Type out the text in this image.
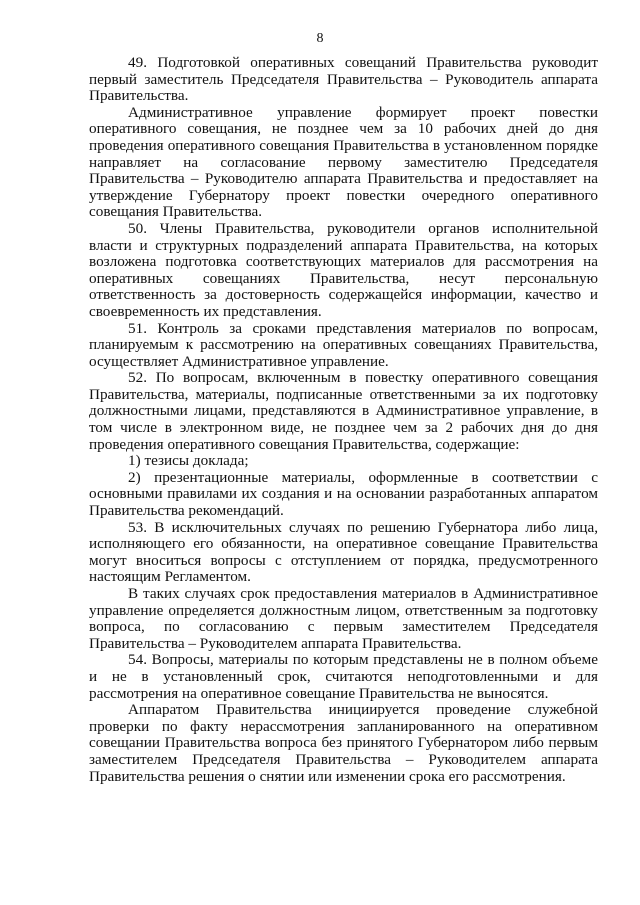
8

49. Подготовкой оперативных совещаний Правительства руководит первый заместитель Председателя Правительства – Руководитель аппарата Правительства.

Административное управление формирует проект повестки оперативного совещания, не позднее чем за 10 рабочих дней до дня проведения оперативного совещания Правительства в установленном порядке направляет на согласование первому заместителю Председателя Правительства – Руководителю аппарата Правительства и предоставляет на утверждение Губернатору проект повестки очередного оперативного совещания Правительства.

50. Члены Правительства, руководители органов исполнительной власти и структурных подразделений аппарата Правительства, на которых возложена подготовка соответствующих материалов для рассмотрения на оперативных совещаниях Правительства, несут персональную ответственность за достоверность содержащейся информации, качество и своевременность их представления.

51. Контроль за сроками представления материалов по вопросам, планируемым к рассмотрению на оперативных совещаниях Правительства, осуществляет Административное управление.

52. По вопросам, включенным в повестку оперативного совещания Правительства, материалы, подписанные ответственными за их подготовку должностными лицами, представляются в Административное управление, в том числе в электронном виде, не позднее чем за 2 рабочих дня до дня проведения оперативного совещания Правительства, содержащие:

1) тезисы доклада;

2) презентационные материалы, оформленные в соответствии с основными правилами их создания и на основании разработанных аппаратом Правительства рекомендаций.

53. В исключительных случаях по решению Губернатора либо лица, исполняющего его обязанности, на оперативное совещание Правительства могут вноситься вопросы с отступлением от порядка, предусмотренного настоящим Регламентом.

В таких случаях срок предоставления материалов в Административное управление определяется должностным лицом, ответственным за подготовку вопроса, по согласованию с первым заместителем Председателя Правительства – Руководителем аппарата Правительства.

54. Вопросы, материалы по которым представлены не в полном объеме и не в установленный срок, считаются неподготовленными и для рассмотрения на оперативное совещание Правительства не выносятся.

Аппаратом Правительства инициируется проведение служебной проверки по факту нерассмотрения запланированного на оперативном совещании Правительства вопроса без принятого Губернатором либо первым заместителем Председателя Правительства – Руководителем аппарата Правительства решения о снятии или изменении срока его рассмотрения.
